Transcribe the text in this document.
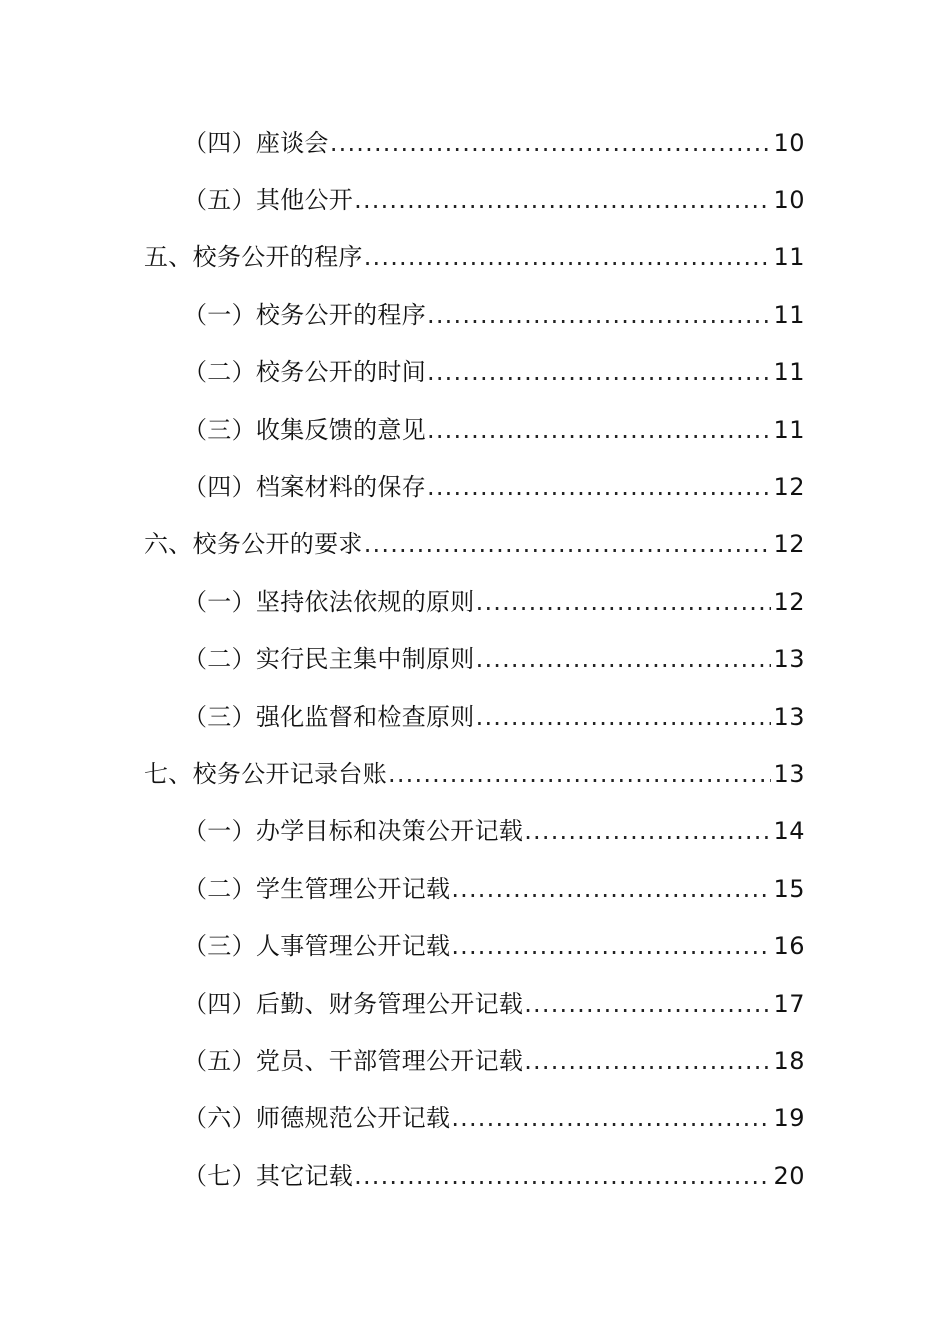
（四）座谈会 .....	10
（五）其他公开 .....	10
五、校务公开的程序 .....	11
（一）校务公开的程序 .....	11
（二）校务公开的时间 .....	11
（三）收集反馈的意见 .....	11
（四）档案材料的保存 .....	12
六、校务公开的要求 .....	12
（一）坚持依法依规的原则 .....	12
（二）实行民主集中制原则 .....	13
（三）强化监督和检查原则 .....	13
七、校务公开记录台账 .....	13
（一）办学目标和决策公开记载 .....	14
（二）学生管理公开记载 .....	15
（三）人事管理公开记载 .....	16
（四）后勤、财务管理公开记载 .....	17
（五）党员、干部管理公开记载 .....	18
（六）师德规范公开记载 .....	19
（七）其它记载 .....	20
